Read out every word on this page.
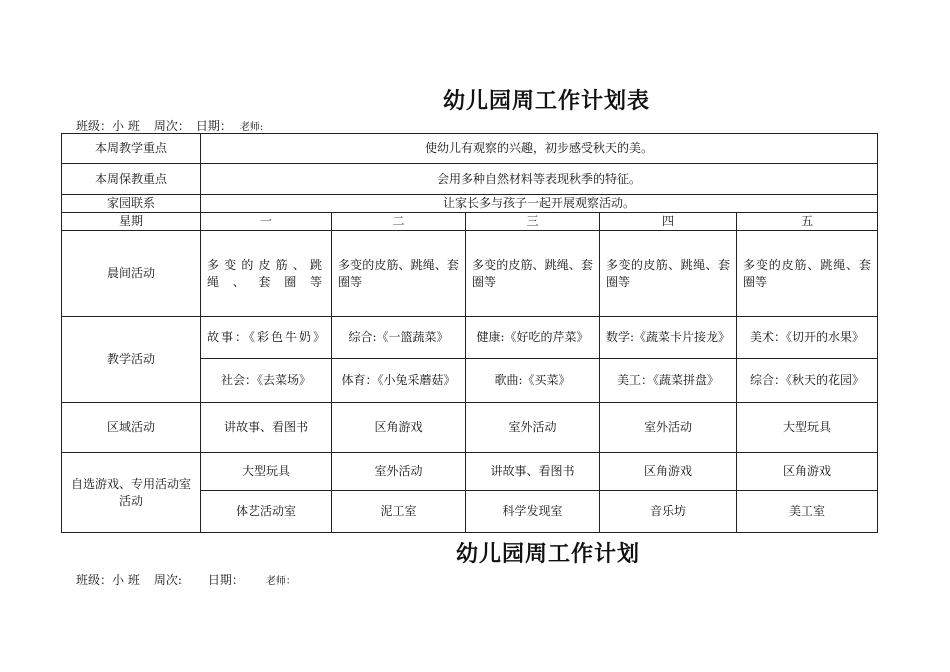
幼儿园周工作计划表
班级：小 班 周次： 日期： 老师:
本周教学重点	使幼儿有观察的兴趣，初步感受秋天的美。				
本周保教重点	会用多种自然材料等表现秋季的特征。				
家园联系	让家长多与孩子一起开展观察活动。				
星期	一	二	三	四	五
晨间活动	多变的皮筋、跳绳、套圈等	多变的皮筋、跳绳、套圈等	多变的皮筋、跳绳、套圈等	多变的皮筋、跳绳、套圈等	多变的皮筋、跳绳、套圈等
教学活动	故事：《彩色牛奶》	综合:《一篮蔬菜》	健康:《好吃的芹菜》	数学:《蔬菜卡片接龙》	美术：《切开的水果》
	社会：《去菜场》	体育：《小兔采蘑菇》	歌曲:《买菜》	美工：《蔬菜拼盘》	综合：《秋天的花园》
区域活动	讲故事、看图书	区角游戏	室外活动	室外活动	大型玩具
自选游戏、专用活动室活动	大型玩具	室外活动	讲故事、看图书	区角游戏	区角游戏
	体艺活动室	泥工室	科学发现室	音乐坊	美工室
幼儿园周工作计划
班级：小 班 周次: 日期： 老师：
